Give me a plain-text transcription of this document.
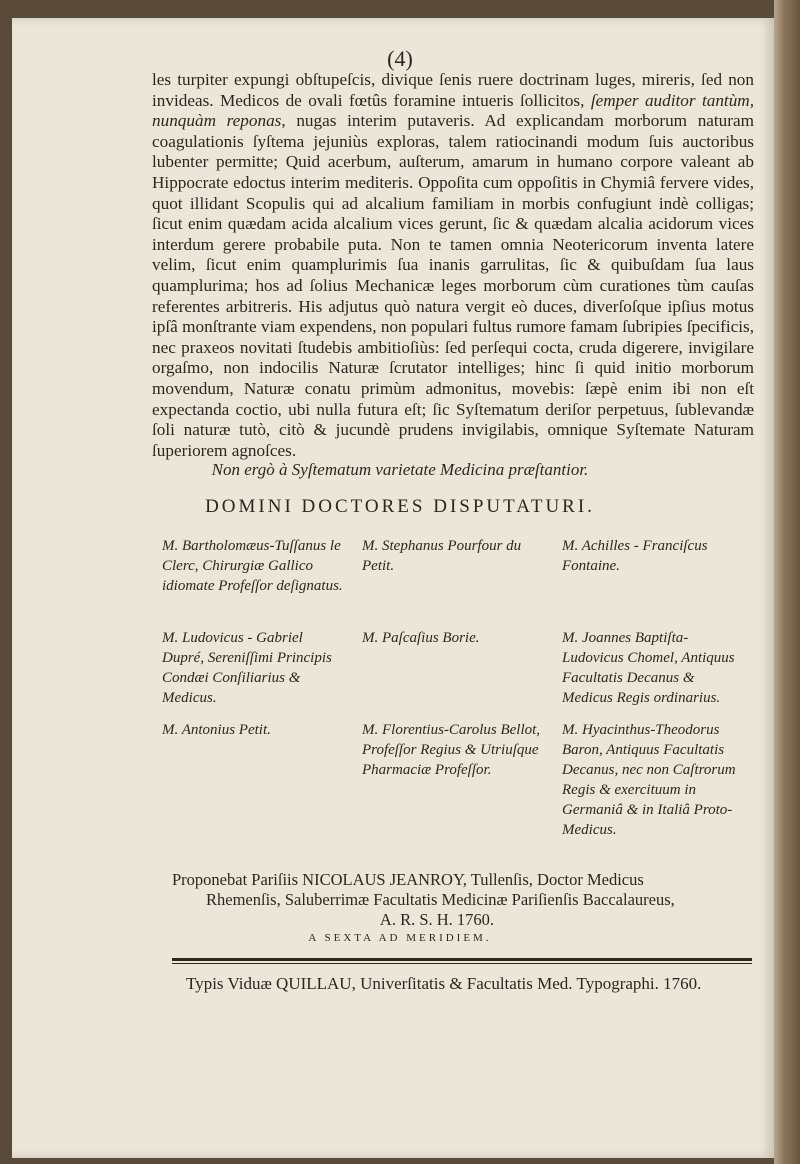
(4)

les turpiter expungi obſtupeſcis, divique ſenis ruere doctrinam luges, mireris, ſed non invideas. Medicos de ovali fœtûs foramine intueris ſollicitos, ſemper auditor tantùm, nunquàm reponas, nugas interim putaveris. Ad explicandam morborum naturam coagulationis ſyſtema jejuniùs exploras, talem ratiocinandi modum ſuis auctoribus lubenter permitte; Quid acerbum, auſterum, amarum in humano corpore valeant ab Hippocrate edoctus interim mediteris. Oppoſita cum oppoſitis in Chymiâ fervere vides, quot illidant Scopulis qui ad alcalium familiam in morbis confugiunt indè colligas; ſicut enim quædam acida alcalium vices gerunt, ſic & quædam alcalia acidorum vices interdum gerere probabile puta. Non te tamen omnia Neotericorum inventa latere velim, ſicut enim quamplurimis ſua inanis garrulitas, ſic & quibuſdam ſua laus quamplurima; hos ad ſolius Mechanicæ leges morborum cùm curationes tùm cauſas referentes arbitreris. His adjutus quò natura vergit eò duces, diverſoſque ipſius motus ipſâ monſtrante viam expendens, non populari fultus rumore famam ſubripies ſpecificis, nec praxeos novitati ſtudebis ambitioſiùs: ſed perſequi cocta, cruda digerere, invigilare orgaſmo, non indocilis Naturæ ſcrutator intelliges; hinc ſi quid initio morborum movendum, Naturæ conatu primùm admonitus, movebis: ſæpè enim ibi non eſt expectanda coctio, ubi nulla futura eſt; ſic Syſtematum deriſor perpetuus, ſublevandæ ſoli naturæ tutò, citò & jucundè prudens invigilabis, omnique Syſtemate Naturam ſuperiorem agnoſces.

Non ergò à Syſtematum varietate Medicina præſtantior.
DOMINI DOCTORES DISPUTATURI.
M. Bartholomæus-Tuſſanus le Clerc, Chirurgiæ Gallico idiomate Profeſſor deſignatus.
M. Stephanus Pourfour du Petit.
M. Achilles - Franciſcus Fontaine.
M. Ludovicus - Gabriel Dupré, Sereniſſimi Principis Condæi Conſiliarius & Medicus.
M. Paſcaſius Borie.	M. Joannes Baptiſta-Ludovicus Chomel, Antiquus Facultatis Decanus & Medicus Regis ordinarius.
M. Antonius Petit.	M. Florentius-Carolus Bellot, Profeſſor Regius & Utriuſque Pharmaciæ Profeſſor.
M. Hyacinthus-Theodorus Baron, Antiquus Facultatis Decanus, nec non Caſtrorum Regis & exercituum in Germaniâ & in Italiâ Proto-Medicus.
Proponebat Pariſiis NICOLAUS JEANROY, Tullenſis, Doctor Medicus
Rhemenſis, Saluberrimæ Facultatis Medicinæ Pariſienſis Baccalaureus,
A. R. S. H. 1760.
A SEXTA AD MERIDIEM.
Typis Viduæ QUILLAU, Univerſitatis & Facultatis Med. Typographi. 1760.
